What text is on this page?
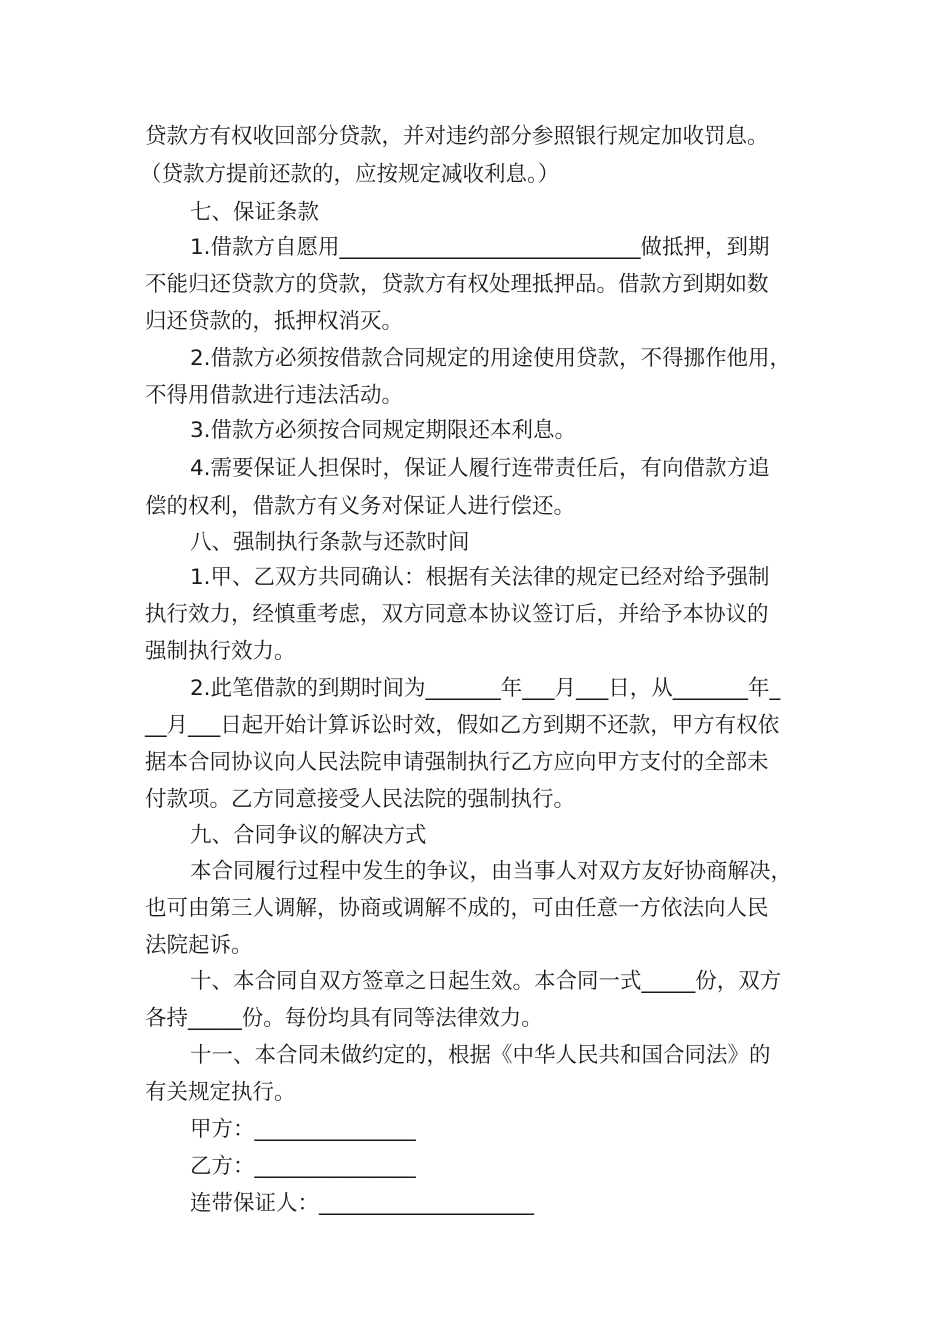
贷款方有权收回部分贷款，并对违约部分参照银行规定加收罚息。
（贷款方提前还款的，应按规定减收利息。）
七、保证条款
1.借款方自愿用____________________________做抵押，到期
不能归还贷款方的贷款，贷款方有权处理抵押品。借款方到期如数
归还贷款的，抵押权消灭。
2.借款方必须按借款合同规定的用途使用贷款，不得挪作他用，
不得用借款进行违法活动。
3.借款方必须按合同规定期限还本利息。
4.需要保证人担保时，保证人履行连带责任后，有向借款方追
偿的权利，借款方有义务对保证人进行偿还。
八、强制执行条款与还款时间
1.甲、乙双方共同确认：根据有关法律的规定已经对给予强制
执行效力，经慎重考虑，双方同意本协议签订后，并给予本协议的
强制执行效力。
2.此笔借款的到期时间为_______年___月___日，从_______年_
__月___日起开始计算诉讼时效，假如乙方到期不还款，甲方有权依
据本合同协议向人民法院申请强制执行乙方应向甲方支付的全部未
付款项。乙方同意接受人民法院的强制执行。
九、合同争议的解决方式
本合同履行过程中发生的争议，由当事人对双方友好协商解决，
也可由第三人调解，协商或调解不成的，可由任意一方依法向人民
法院起诉。
十、本合同自双方签章之日起生效。本合同一式_____份，双方
各持_____份。每份均具有同等法律效力。
十一、本合同未做约定的，根据《中华人民共和国合同法》的
有关规定执行。
甲方：_______________
乙方：_______________
连带保证人：____________________
